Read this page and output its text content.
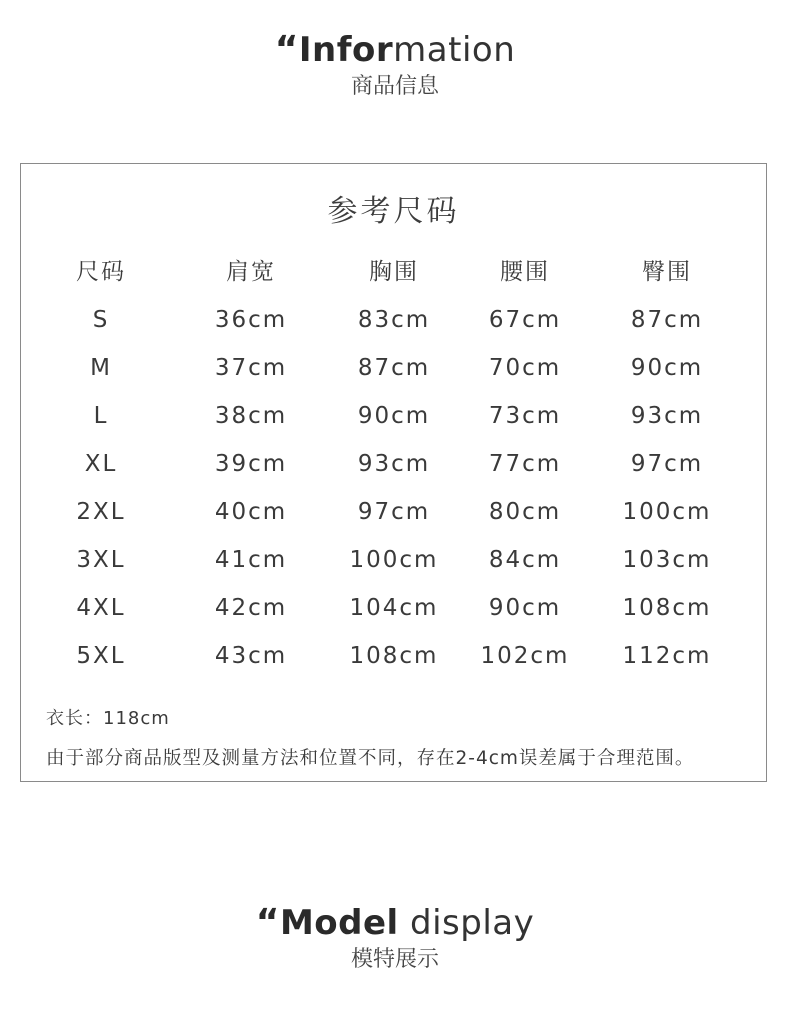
“Information
商品信息
参考尺码
尺码	肩宽	胸围	腰围	臀围
S	36cm	83cm	67cm	87cm
M	37cm	87cm	70cm	90cm
L	38cm	90cm	73cm	93cm
XL	39cm	93cm	77cm	97cm
2XL	40cm	97cm	80cm	100cm
3XL	41cm	100cm	84cm	103cm
4XL	42cm	104cm	90cm	108cm
5XL	43cm	108cm	102cm	112cm
衣长：118cm
由于部分商品版型及测量方法和位置不同，存在2-4cm误差属于合理范围。
“Model display
模特展示
